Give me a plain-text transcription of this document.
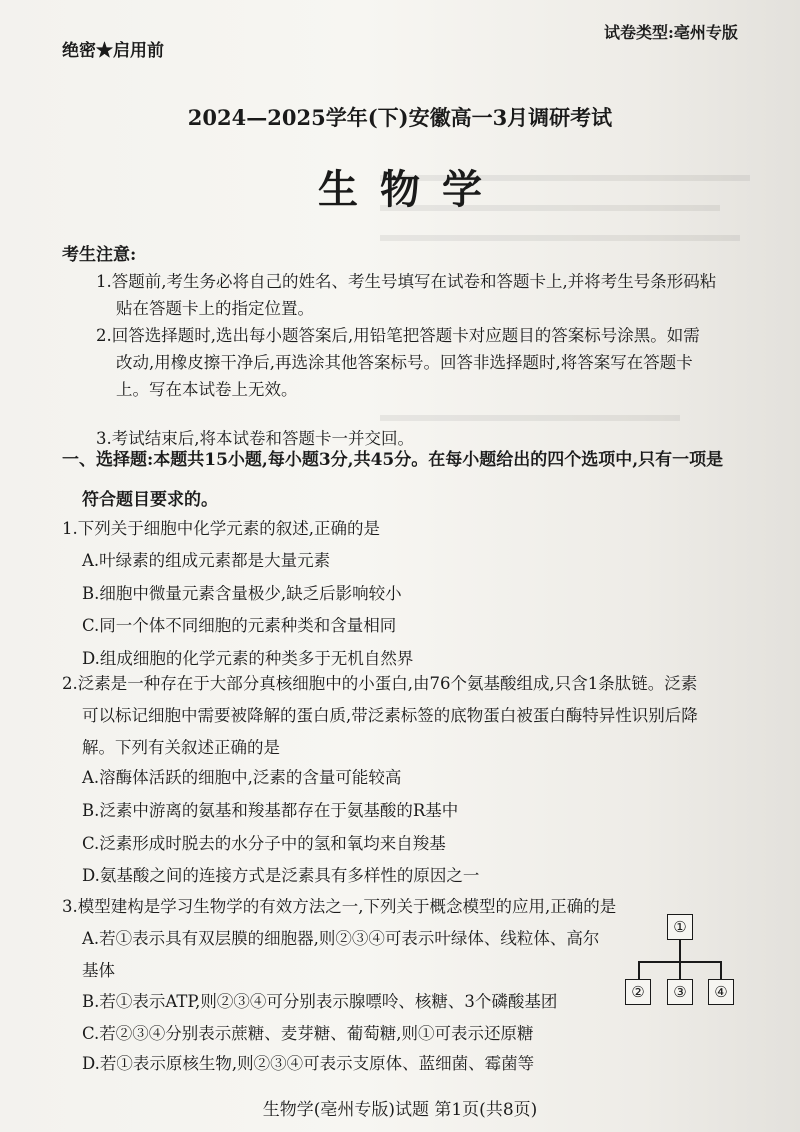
绝密★启用前
试卷类型:亳州专版
2024—2025学年(下)安徽高一3月调研考试
生物学
考生注意:
1.答题前,考生务必将自己的姓名、考生号填写在试卷和答题卡上,并将考生号条形码粘
贴在答题卡上的指定位置。
2.回答选择题时,选出每小题答案后,用铅笔把答题卡对应题目的答案标号涂黑。如需
改动,用橡皮擦干净后,再选涂其他答案标号。回答非选择题时,将答案写在答题卡
上。写在本试卷上无效。
3.考试结束后,将本试卷和答题卡一并交回。
一、选择题:本题共15小题,每小题3分,共45分。在每小题给出的四个选项中,只有一项是
符合题目要求的。
1.下列关于细胞中化学元素的叙述,正确的是
A.叶绿素的组成元素都是大量元素
B.细胞中微量元素含量极少,缺乏后影响较小
C.同一个体不同细胞的元素种类和含量相同
D.组成细胞的化学元素的种类多于无机自然界
2.泛素是一种存在于大部分真核细胞中的小蛋白,由76个氨基酸组成,只含1条肽链。泛素
可以标记细胞中需要被降解的蛋白质,带泛素标签的底物蛋白被蛋白酶特异性识别后降
解。下列有关叙述正确的是
A.溶酶体活跃的细胞中,泛素的含量可能较高
B.泛素中游离的氨基和羧基都存在于氨基酸的R基中
C.泛素形成时脱去的水分子中的氢和氧均来自羧基
D.氨基酸之间的连接方式是泛素具有多样性的原因之一
3.模型建构是学习生物学的有效方法之一,下列关于概念模型的应用,正确的是
A.若①表示具有双层膜的细胞器,则②③④可表示叶绿体、线粒体、高尔
基体
B.若①表示ATP,则②③④可分别表示腺嘌呤、核糖、3个磷酸基团
C.若②③④分别表示蔗糖、麦芽糖、葡萄糖,则①可表示还原糖
D.若①表示原核生物,则②③④可表示支原体、蓝细菌、霉菌等
①
②	③	④
生物学(亳州专版)试题 第1页(共8页)
